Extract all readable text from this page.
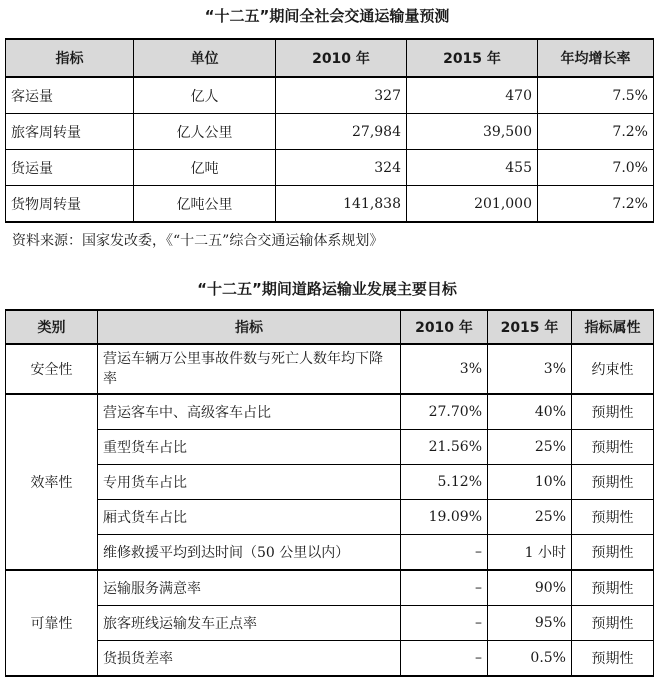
“十二五”期间全社会交通运输量预测
指标	单位	2010 年	2015 年	年均增长率
客运量	亿人	327	470	7.5%
旅客周转量	亿人公里	27,984	39,500	7.2%
货运量	亿吨	324	455	7.0%
货物周转量	亿吨公里	141,838	201,000	7.2%
资料来源：国家发改委，《“十二五”综合交通运输体系规划》
“十二五”期间道路运输业发展主要目标
类别	指标	2010 年	2015 年	指标属性
安全性	营运车辆万公里事故件数与死亡人数年均下降率	3%	3%	约束性
效率性	营运客车中、高级客车占比	27.70%	40%	预期性
	重型货车占比	21.56%	25%	预期性
	专用货车占比	5.12%	10%	预期性
	厢式货车占比	19.09%	25%	预期性
	维修救援平均到达时间（50 公里以内）	–	1 小时	预期性
可靠性	运输服务满意率	–	90%	预期性
	旅客班线运输发车正点率	–	95%	预期性
	货损货差率	–	0.5%	预期性
